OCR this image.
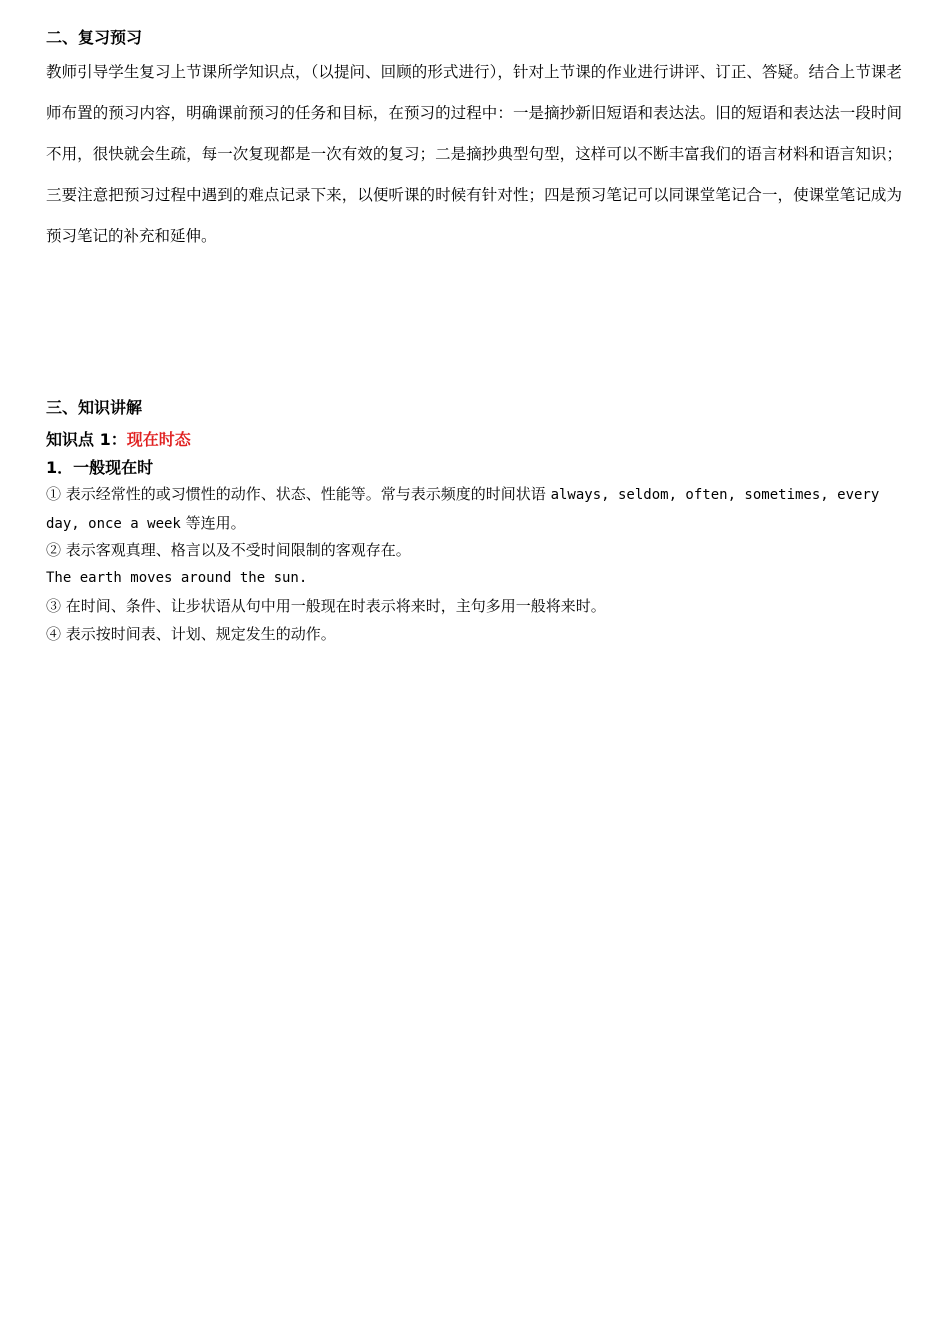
二、复习预习
教师引导学生复习上节课所学知识点，（以提问、回顾的形式进行），针对上节课的作业进行讲评、订正、答疑。结合上节课老师布置的预习内容，明确课前预习的任务和目标，在预习的过程中：一是摘抄新旧短语和表达法。旧的短语和表达法一段时间不用，很快就会生疏，每一次复现都是一次有效的复习；二是摘抄典型句型，这样可以不断丰富我们的语言材料和语言知识；三要注意把预习过程中遇到的难点记录下来，以便听课的时候有针对性；四是预习笔记可以同课堂笔记合一，使课堂笔记成为预习笔记的补充和延伸。
三、知识讲解
知识点 1：现在时态
1．一般现在时
① 表示经常性的或习惯性的动作、状态、性能等。常与表示频度的时间状语 always, seldom, often, sometimes, every day, once a week 等连用。
② 表示客观真理、格言以及不受时间限制的客观存在。
The earth moves around the sun.
③ 在时间、条件、让步状语从句中用一般现在时表示将来时，主句多用一般将来时。
④ 表示按时间表、计划、规定发生的动作。
